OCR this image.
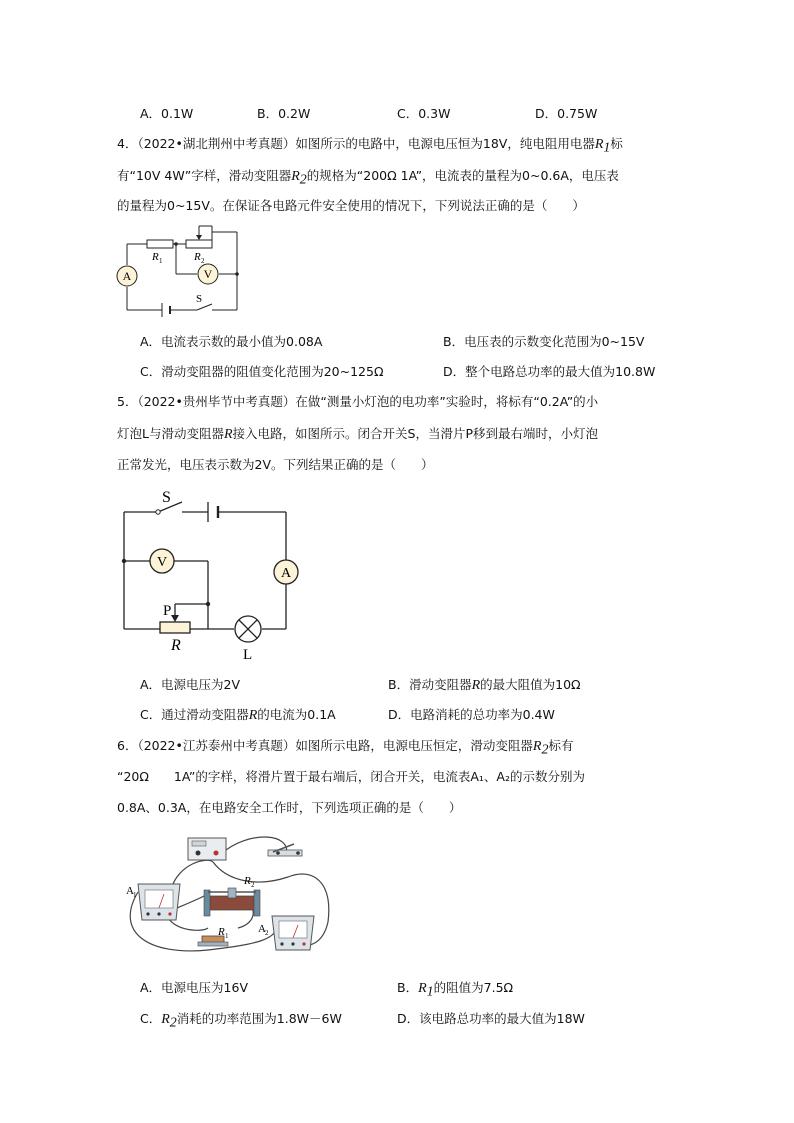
A．0.1W	B．0.2W	C．0.3W	D．0.75W
4．（2022•湖北荆州中考真题）如图所示的电路中，电源电压恒为18V，纯电阻用电器$R_1$标
有“10V 4W”字样，滑动变阻器$R_2$的规格为“200Ω 1A”，电流表的量程为0~0.6A，电压表
的量程为0~15V。在保证各电路元件安全使用的情况下，下列说法正确的是（　　）
A	V
R 1	R 2
S
A．电流表示数的最小值为0.08A	B．电压表的示数变化范围为0~15V
C．滑动变阻器的阻值变化范围为20~125Ω	D．整个电路总功率的最大值为10.8W
5．（2022•贵州毕节中考真题）在做“测量小灯泡的电功率”实验时，将标有“0.2A”的小
灯泡L与滑动变阻器R接入电路，如图所示。闭合开关S，当滑片P移到最右端时，小灯泡
正常发光，电压表示数为2V。下列结果正确的是（　　）
S
V
A
P
R
L
A．电源电压为2V	B．滑动变阻器R的最大阻值为10Ω
C．通过滑动变阻器R的电流为0.1A	D．电路消耗的总功率为0.4W
6．（2022•江苏泰州中考真题）如图所示电路，电源电压恒定，滑动变阻器$R_2$标有
“20Ω　　1A”的字样，将滑片置于最右端后，闭合开关，电流表A₁、A₂的示数分别为
0.8A、0.3A，在电路安全工作时，下列选项正确的是（　　）
A 1
A 2
R 2
R 1
A．电源电压为16V	B．$R_1$的阻值为7.5Ω
C．$R_2$消耗的功率范围为1.8W－6W	D．该电路总功率的最大值为18W
